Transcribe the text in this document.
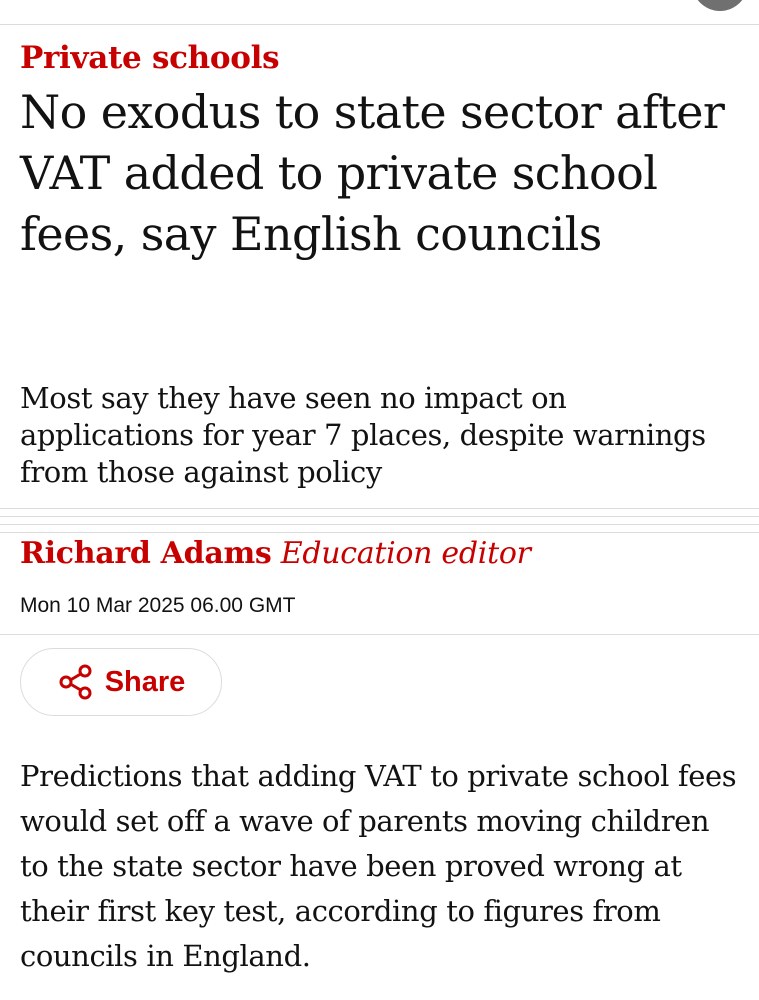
Private schools
No exodus to state sector after VAT added to private school fees, say English councils

Most say they have seen no impact on applications for year 7 places, despite warnings from those against policy

Richard Adams Education editor
Mon 10 Mar 2025 06.00 GMT
Share

Predictions that adding VAT to private school fees would set off a wave of parents moving children to the state sector have been proved wrong at their first key test, according to figures from councils in England.
